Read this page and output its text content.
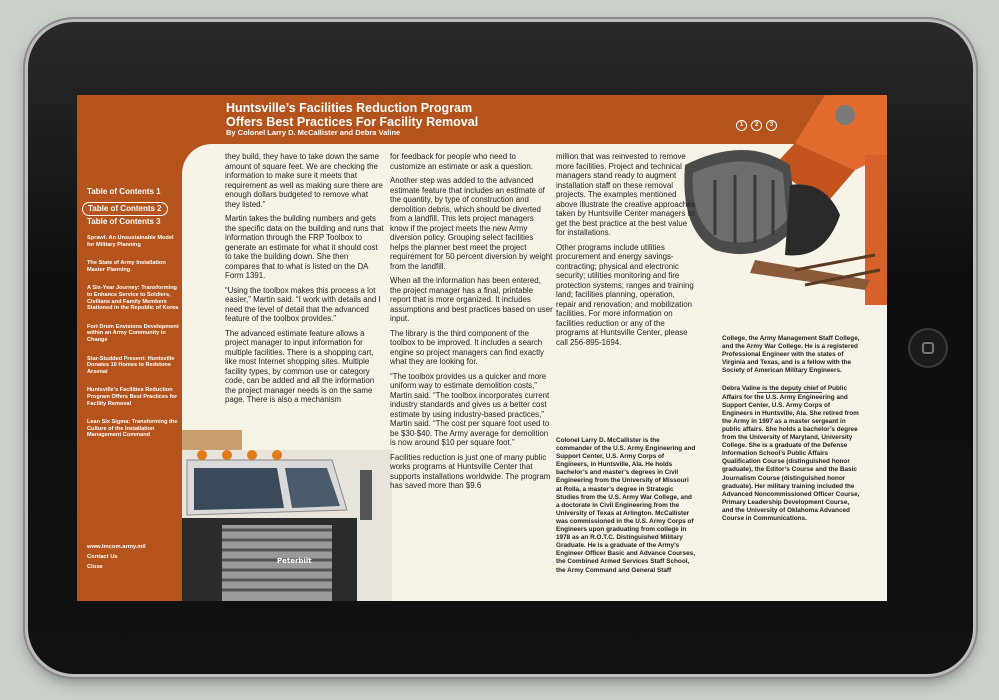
Peterbilt
Huntsville’s Facilities Reduction Program
Offers Best Practices For Facility Removal
By Colonel Larry D. McCallister and Debra Valine
1	2	3
Table of Contents 1
Table of Contents 2
Table of Contents 3

Sprawl: An Unsustainable Model for Military Planning

The State of Army Installation Master Planning

A Six-Year Journey: Transforming to Enhance Service to Soldiers, Civilians and Family Members Stationed in the Republic of Korea

Fort Drum Envisions Development within an Army Community in Change

Star-Studded Present: Huntsville Donates 10 Homes to Redstone Arsenal

Huntsville’s Facilities Reduction Program Offers Best Practices for Facility Removal

Lean Six Sigma: Transforming the Culture of the Installation Management Command

www.imcom.army.mil
Contact Us
Close

they build, they have to take down the same amount of square feet. We are checking the information to make sure it meets that requirement as well as making sure there are enough dollars budgeted to remove what they listed.”

Martin takes the building numbers and gets the specific data on the building and runs that information through the FRP Toolbox to generate an estimate for what it should cost to take the building down. She then compares that to what is listed on the DA Form 1391.

“Using the toolbox makes this process a lot easier,” Martin said. “I work with details and I need the level of detail that the advanced feature of the toolbox provides.”

The advanced estimate feature allows a project manager to input information for multiple facilities. There is a shopping cart, like most Internet shopping sites. Multiple facility types, by common use or category code, can be added and all the information the project manager needs is on the same page. There is also a mechanism

for feedback for people who need to customize an estimate or ask a question.

Another step was added to the advanced estimate feature that includes an estimate of the quantity, by type of construction and demolition debris, which should be diverted from a landfill. This lets project managers know if the project meets the new Army diversion policy. Grouping select facilities helps the planner best meet the project requirement for 50 percent diversion by weight from the landfill.

When all the information has been entered, the project manager has a final, printable report that is more organized. It includes assumptions and best practices based on user input.

The library is the third component of the toolbox to be improved. It includes a search engine so project managers can find exactly what they are looking for.

“The toolbox provides us a quicker and more uniform way to estimate demolition costs,” Martin said. “The toolbox incorporates current industry standards and gives us a better cost estimate by using industry-based practices,” Martin said. “The cost per square foot used to be $30-$40. The Army average for demolition is now around $10 per square foot.”

Facilities reduction is just one of many public works programs at Huntsville Center that supports installations worldwide. The program has saved more than $9.6

million that was reinvested to remove more facilities. Project and technical managers stand ready to augment installation staff on these removal projects. The examples mentioned above illustrate the creative approaches taken by Huntsville Center managers to get the best practice at the best value for installations.

Other programs include utilities procurement and energy savings-contracting; physical and electronic security; utilities monitoring and fire protection systems; ranges and training land; facilities planning, operation, repair and renovation; and mobilization facilities. For more information on facilities reduction or any of the programs at Huntsville Center, please call 256-895-1694.

Colonel Larry D. McCallister is the commander of the U.S. Army Engineering and Support Center, U.S. Army Corps of Engineers, in Huntsville, Ala. He holds bachelor’s and master’s degrees in Civil Engineering from the University of Missouri at Rolla, a master’s degree in Strategic Studies from the U.S. Army War College, and a doctorate in Civil Engineering from the University of Texas at Arlington. McCallister was commissioned in the U.S. Army Corps of Engineers upon graduating from college in 1978 as an R.O.T.C. Distinguished Military Graduate. He is a graduate of the Army’s Engineer Officer Basic and Advance Courses, the Combined Armed Services Staff School, the Army Command and General Staff

College, the Army Management Staff College, and the Army War College. He is a registered Professional Engineer with the states of Virginia and Texas, and is a fellow with the Society of American Military Engineers.

Debra Valine is the deputy chief of Public Affairs for the U.S. Army Engineering and Support Center, U.S. Army Corps of Engineers in Huntsville, Ala. She retired from the Army in 1997 as a master sergeant in public affairs. She holds a bachelor’s degree from the University of Maryland, University College. She is a graduate of the Defense Information School’s Public Affairs Qualification Course (distinguished honor graduate), the Editor’s Course and the Basic Journalism Course (distinguished honor graduate). Her military training included the Advanced Noncommissioned Officer Course, Primary Leadership Development Course, and the University of Oklahoma Advanced Course in Communications.
